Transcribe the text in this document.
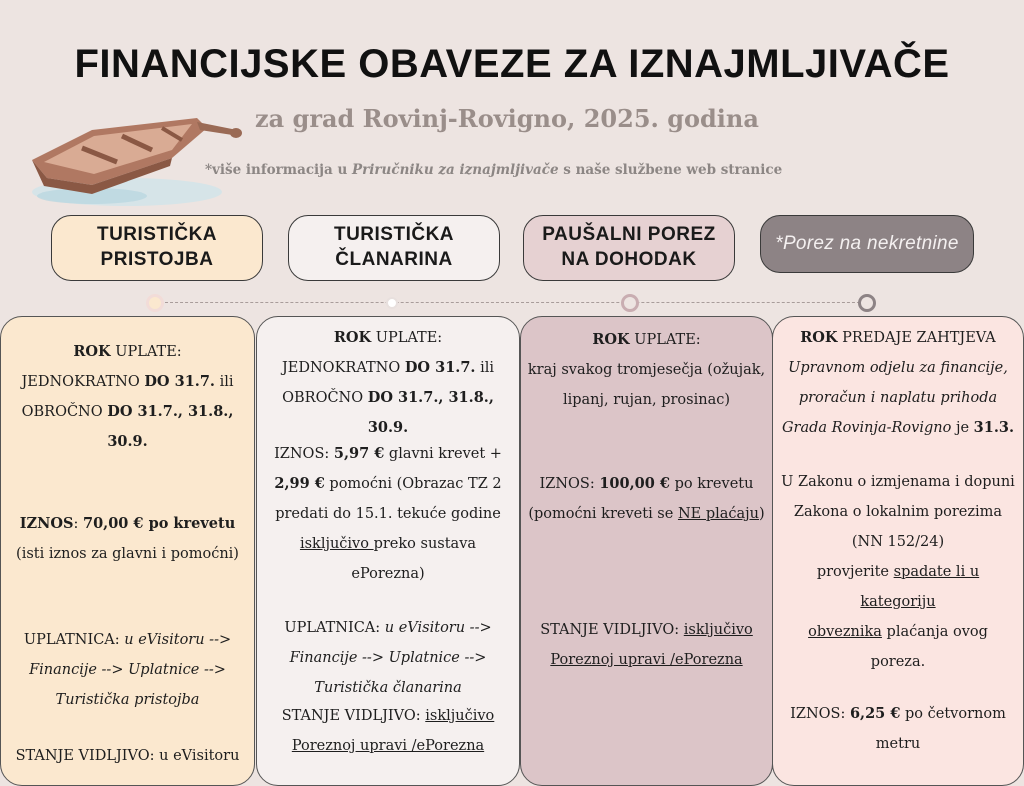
FINANCIJSKE OBAVEZE ZA IZNAJMLJIVAČE
za grad Rovinj-Rovigno, 2025. godina
*više informacija u Priručniku za iznajmljivače s naše službene web stranice
TURISTIČKA
PRISTOJBA
TURISTIČKA
ČLANARINA
PAUŠALNI POREZ
NA DOHODAK
*Porez na nekretnine
ROK UPLATE:
JEDNOKRATNO DO 31.7. ili
OBROČNO DO 31.7., 31.8.,
30.9.
IZNOS: 70,00 € po krevetu
(isti iznos za glavni i pomoćni)
UPLATNICA: u eVisitoru -->
Financije --> Uplatnice -->
Turistička pristojba
STANJE VIDLJIVO: u eVisitoru
ROK UPLATE:
JEDNOKRATNO DO 31.7. ili
OBROČNO DO 31.7., 31.8., 30.9.
IZNOS: 5,97 € glavni krevet +
2,99 € pomoćni (Obrazac TZ 2
predati do 15.1. tekuće godine
isključivo preko sustava
ePorezna)
UPLATNICA: u eVisitoru -->
Financije --> Uplatnice -->
Turistička članarina
STANJE VIDLJIVO: isključivo
Poreznoj upravi /ePorezna
ROK UPLATE:
kraj svakog tromjesečja (ožujak,
lipanj, rujan, prosinac)
IZNOS: 100,00 € po krevetu
(pomoćni kreveti se NE plaćaju)
STANJE VIDLJIVO: isključivo
Poreznoj upravi /ePorezna
ROK PREDAJE ZAHTJEVA
Upravnom odjelu za financije,
proračun i naplatu prihoda
Grada Rovinja-Rovigno je 31.3.
U Zakonu o izmjenama i dopuni
Zakona o lokalnim porezima
(NN 152/24)
provjerite spadate li u kategoriju
obveznika plaćanja ovog poreza.
IZNOS: 6,25 € po četvornom
metru
